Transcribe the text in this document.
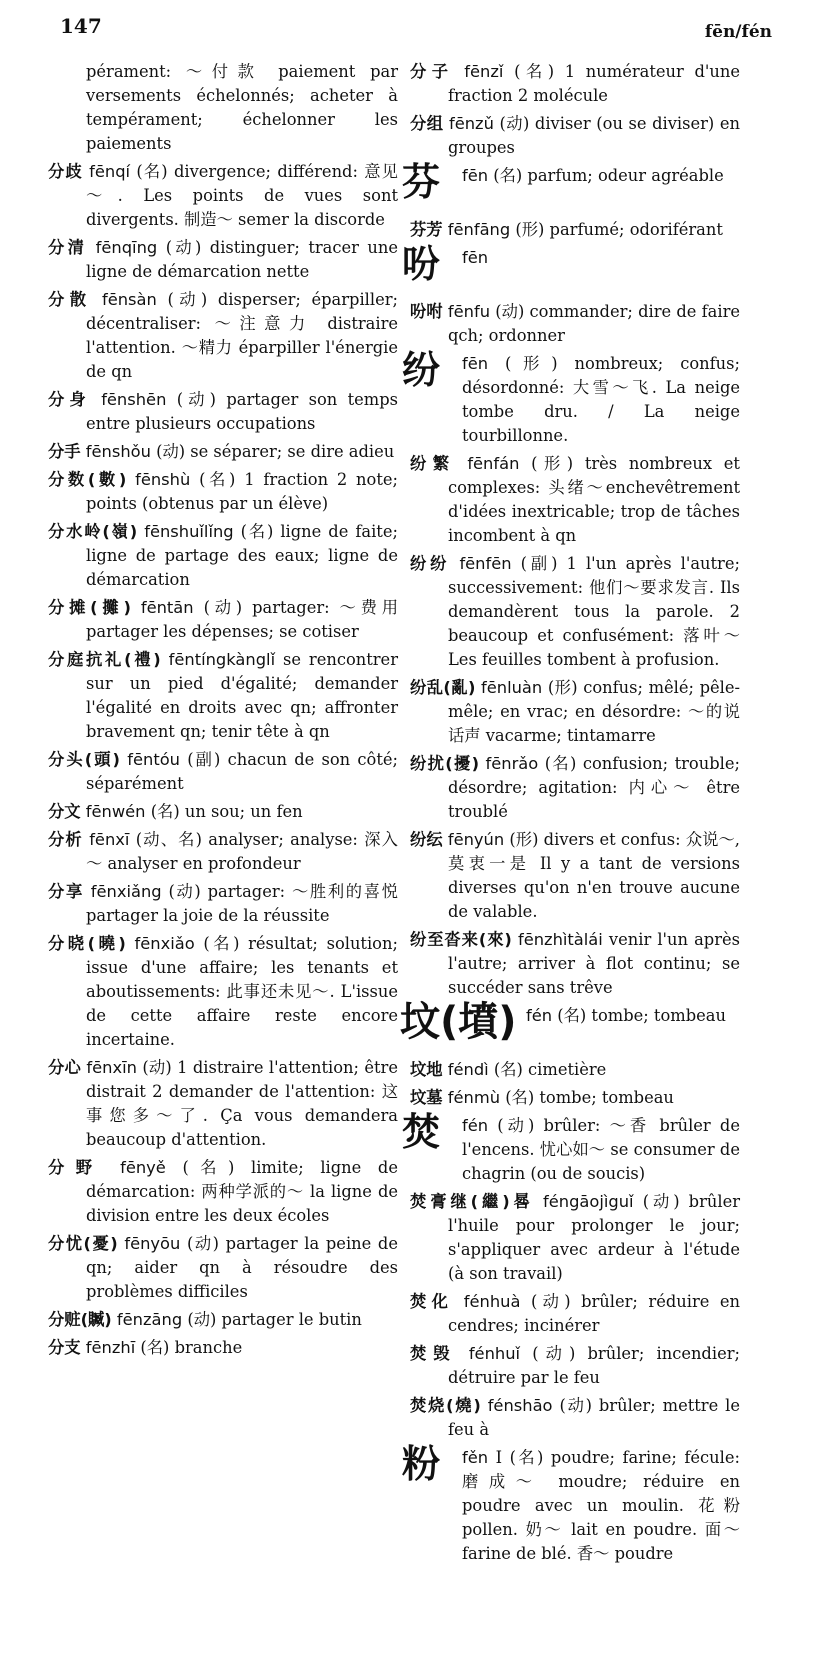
147	fēn/fén
pérament: ～付款 paiement par versements échelonnés; acheter à tempérament; échelonner les paiements
分歧 fēnqí (名) divergence; différend: 意见～. Les points de vues sont divergents. 制造～ semer la discorde
分清 fēnqīng (动) distinguer; tracer une ligne de démarcation nette
分散 fēnsàn (动) disperser; éparpiller; décentraliser: ～注意力 distraire l'attention. ～精力 éparpiller l'énergie de qn
分身 fēnshēn (动) partager son temps entre plusieurs occupations
分手 fēnshǒu (动) se séparer; se dire adieu
分数(數) fēnshù (名) 1 fraction 2 note; points (obtenus par un élève)
分水岭(嶺) fēnshuǐlǐng (名) ligne de faite; ligne de partage des eaux; ligne de démarcation
分摊(攤) fēntān (动) partager: ～费用 partager les dépenses; se cotiser
分庭抗礼(禮) fēntíngkànglǐ se rencontrer sur un pied d'égalité; demander l'égalité en droits avec qn; affronter bravement qn; tenir tête à qn
分头(頭) fēntóu (副) chacun de son côté; séparément
分文 fēnwén (名) un sou; un fen
分析 fēnxī (动、名) analyser; analyse: 深入～ analyser en profondeur
分享 fēnxiǎng (动) partager: ～胜利的喜悦 partager la joie de la réussite
分晓(曉) fēnxiǎo (名) résultat; solution; issue d'une affaire; les tenants et aboutissements: 此事还未见～. L'issue de cette affaire reste encore incertaine.
分心 fēnxīn (动) 1 distraire l'attention; être distrait 2 demander de l'attention: 这事您多～了. Ça vous demandera beaucoup d'attention.
分野 fēnyě (名) limite; ligne de démarcation: 两种学派的～ la ligne de division entre les deux écoles
分忧(憂) fēnyōu (动) partager la peine de qn; aider qn à résoudre des problèmes difficiles
分赃(贓) fēnzāng (动) partager le butin
分支 fēnzhī (名) branche
分子 fēnzǐ (名) 1 numérateur d'une fraction 2 molécule
分组 fēnzǔ (动) diviser (ou se diviser) en groupes
芬	fēn (名) parfum; odeur agréable
芬芳 fēnfāng (形) parfumé; odoriférant
吩	fēn
吩咐 fēnfu (动) commander; dire de faire qch; ordonner
纷	fēn (形) nombreux; confus; désordonné: 大雪～飞. La neige tombe dru. / La neige tourbillonne.
纷繁 fēnfán (形) très nombreux et complexes: 头绪～enchevêtrement d'idées inextricable; trop de tâches incombent à qn
纷纷 fēnfēn (副) 1 l'un après l'autre; successivement: 他们～要求发言. Ils demandèrent tous la parole. 2 beaucoup et confusément: 落叶～ Les feuilles tombent à profusion.
纷乱(亂) fēnluàn (形) confus; mêlé; pêle-mêle; en vrac; en désordre: ～的说话声 vacarme; tintamarre
纷扰(擾) fēnrǎo (名) confusion; trouble; désordre; agitation: 内心～ être troublé
纷纭 fēnyún (形) divers et confus: 众说～,莫衷一是 Il y a tant de versions diverses qu'on n'en trouve aucune de valable.
纷至沓来(來) fēnzhìtàlái venir l'un après l'autre; arriver à flot continu; se succéder sans trêve
坟(墳) fén (名) tombe; tombeau
坟地 féndì (名) cimetière
坟墓 fénmù (名) tombe; tombeau
焚	fén (动) brûler: ～香 brûler de l'encens. 忧心如～ se consumer de chagrin (ou de soucis)
焚膏继(繼)晷 féngāojìguǐ (动) brûler l'huile pour prolonger le jour; s'appliquer avec ardeur à l'étude (à son travail)
焚化 fénhuà (动) brûler; réduire en cendres; incinérer
焚毁 fénhuǐ (动) brûler; incendier; détruire par le feu
焚烧(燒) fénshāo (动) brûler; mettre le feu à
粉	fěn I (名) poudre; farine; fécule: 磨成～ moudre; réduire en poudre avec un moulin. 花粉 pollen. 奶～ lait en poudre. 面～ farine de blé. 香～ poudre
